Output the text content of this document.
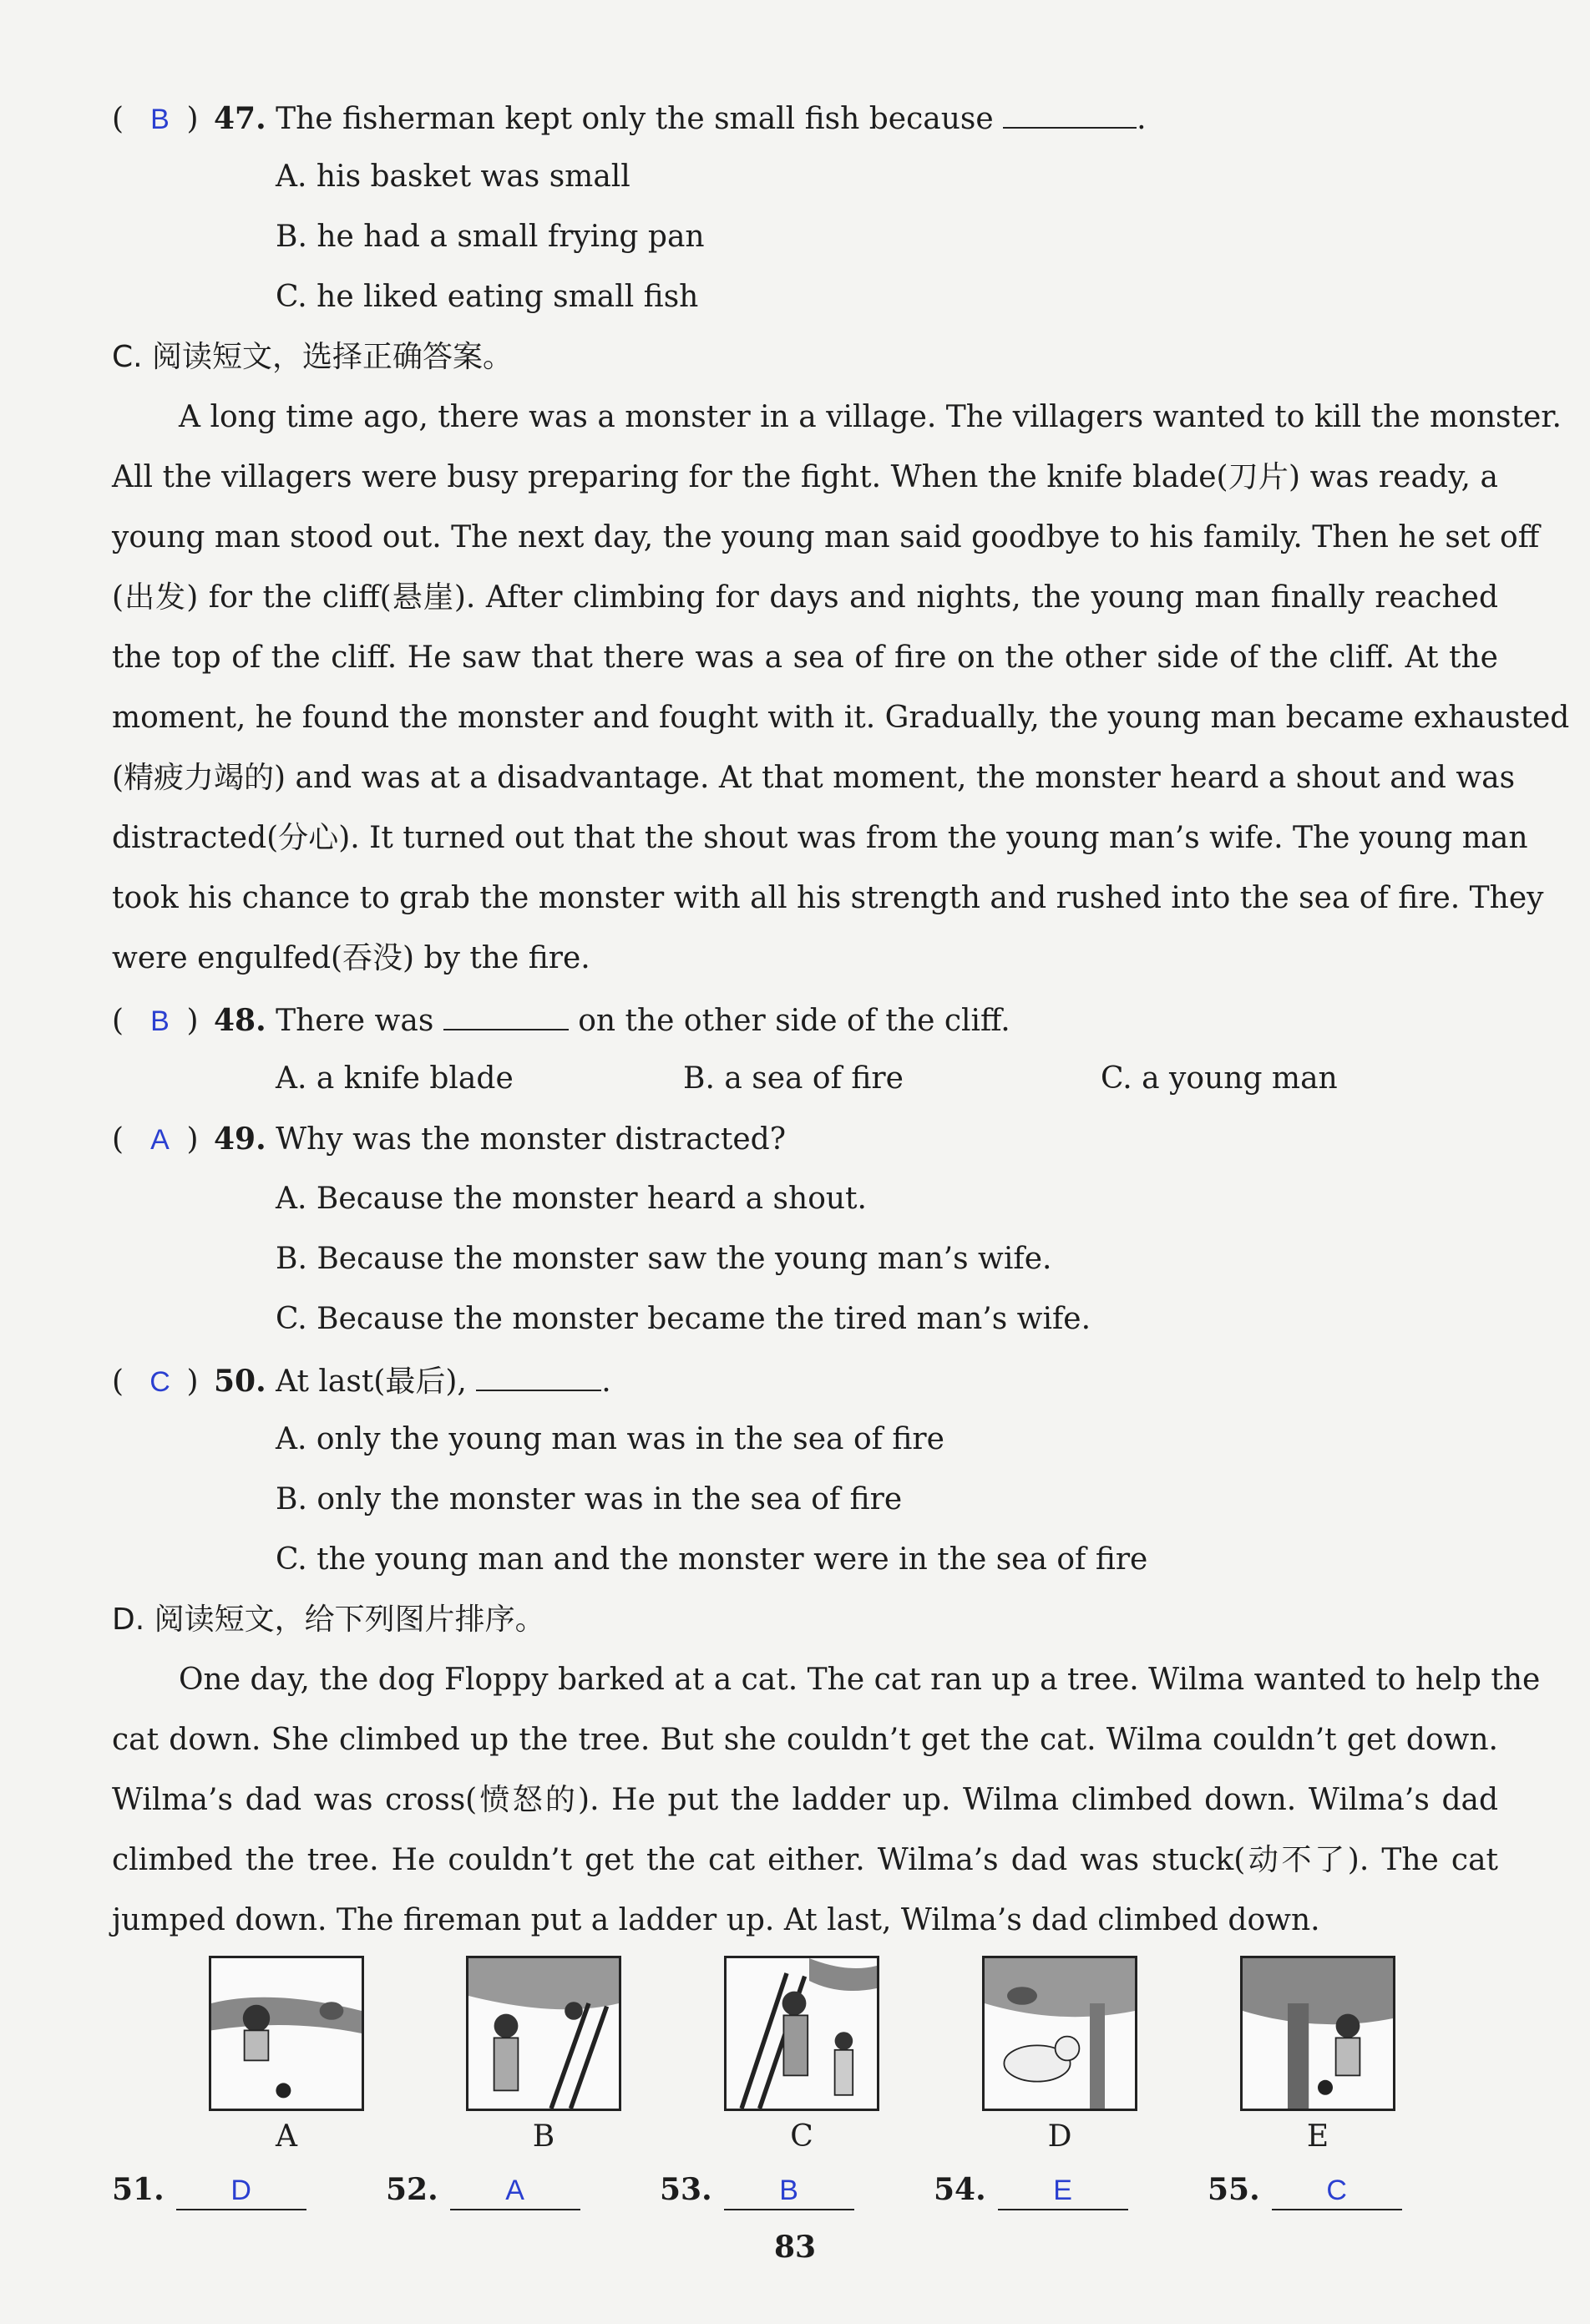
( B ) 47. The fisherman kept only the small fish because	.
A. his basket was small
B. he had a small frying pan
C. he liked eating small fish
C. 阅读短文，选择正确答案。
A long time ago, there was a monster in a village. The villagers wanted to kill the monster.
All the villagers were busy preparing for the fight. When the knife blade(刀片) was ready, a
young man stood out. The next day, the young man said goodbye to his family. Then he set off
(出发) for the cliff(悬崖). After climbing for days and nights, the young man finally reached
the top of the cliff. He saw that there was a sea of fire on the other side of the cliff. At the
moment, he found the monster and fought with it. Gradually, the young man became exhausted
(精疲力竭的) and was at a disadvantage. At that moment, the monster heard a shout and was
distracted(分心). It turned out that the shout was from the young man’s wife. The young man
took his chance to grab the monster with all his strength and rushed into the sea of fire. They
were engulfed(吞没) by the fire.
( B ) 48. There was	on the other side of the cliff.
A. a knife blade	B. a sea of fire	C. a young man
( A ) 49. Why was the monster distracted?
A. Because the monster heard a shout.
B. Because the monster saw the young man’s wife.
C. Because the monster became the tired man’s wife.
( C ) 50. At last(最后),	.
A. only the young man was in the sea of fire
B. only the monster was in the sea of fire
C. the young man and the monster were in the sea of fire
D. 阅读短文，给下列图片排序。
One day, the dog Floppy barked at a cat. The cat ran up a tree. Wilma wanted to help the
cat down. She climbed up the tree. But she couldn’t get the cat. Wilma couldn’t get down.
Wilma’s dad was cross(愤怒的). He put the ladder up. Wilma climbed down. Wilma’s dad
climbed the tree. He couldn’t get the cat either. Wilma’s dad was stuck(动不了). The cat
jumped down. The fireman put a ladder up. At last, Wilma’s dad climbed down.
A	B	C	D	E
51. D	52. A	53. B	54. E	55. C
83
